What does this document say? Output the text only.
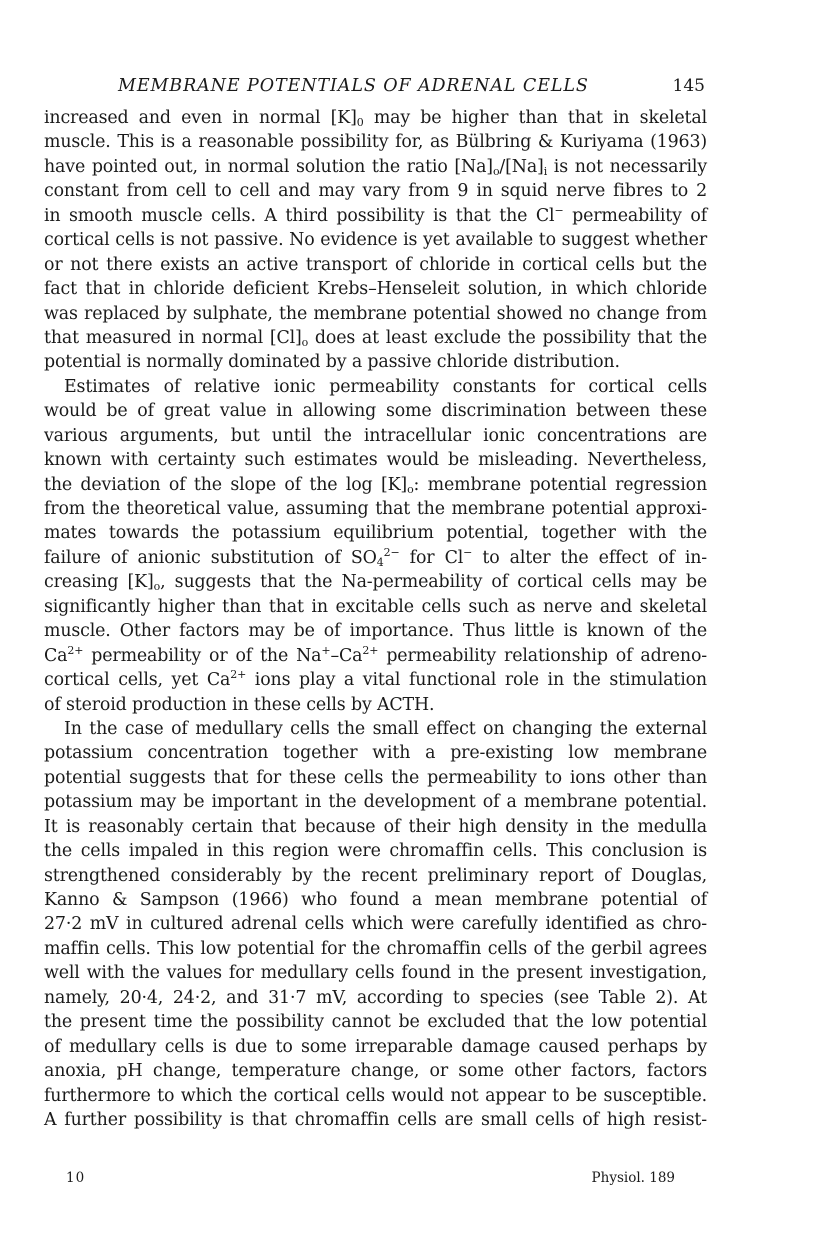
MEMBRANE POTENTIALS OF ADRENAL CELLS	145
increased and even in normal $[K]_0$ may be higher than that in skeletal
muscle. This is a reasonable possibility for, as Bülbring & Kuriyama (1963)
have pointed out, in normal solution the ratio $[Na]_o/[Na]_i$ is not necessarily
constant from cell to cell and may vary from 9 in squid nerve fibres to 2
in smooth muscle cells. A third possibility is that the Cl− permeability of
cortical cells is not passive. No evidence is yet available to suggest whether
or not there exists an active transport of chloride in cortical cells but the
fact that in chloride deficient Krebs–Henseleit solution, in which chloride
was replaced by sulphate, the membrane potential showed no change from
that measured in normal $[Cl]_o$ does at least exclude the possibility that the
potential is normally dominated by a passive chloride distribution.
Estimates of relative ionic permeability constants for cortical cells
would be of great value in allowing some discrimination between these
various arguments, but until the intracellular ionic concentrations are
known with certainty such estimates would be misleading. Nevertheless,
the deviation of the slope of the $\log [K]_o$: membrane potential regression
from the theoretical value, assuming that the membrane potential approxi-
mates towards the potassium equilibrium potential, together with the
failure of anionic substitution of $SO_4^{2-}$ for Cl− to alter the effect of in-
creasing $[K]_o$, suggests that the Na-permeability of cortical cells may be
significantly higher than that in excitable cells such as nerve and skeletal
muscle. Other factors may be of importance. Thus little is known of the
$Ca^{2+}$ permeability or of the $Na^+-Ca^{2+}$ permeability relationship of adreno-
cortical cells, yet $Ca^{2+}$ ions play a vital functional role in the stimulation
of steroid production in these cells by ACTH.
In the case of medullary cells the small effect on changing the external
potassium concentration together with a pre-existing low membrane
potential suggests that for these cells the permeability to ions other than
potassium may be important in the development of a membrane potential.
It is reasonably certain that because of their high density in the medulla
the cells impaled in this region were chromaffin cells. This conclusion is
strengthened considerably by the recent preliminary report of Douglas,
Kanno & Sampson (1966) who found a mean membrane potential of
27·2 mV in cultured adrenal cells which were carefully identified as chro-
maffin cells. This low potential for the chromaffin cells of the gerbil agrees
well with the values for medullary cells found in the present investigation,
namely, 20·4, 24·2, and 31·7 mV, according to species (see Table 2). At
the present time the possibility cannot be excluded that the low potential
of medullary cells is due to some irreparable damage caused perhaps by
anoxia, pH change, temperature change, or some other factors, factors
furthermore to which the cortical cells would not appear to be susceptible.
A further possibility is that chromaffin cells are small cells of high resist-
10	Physiol. 189
